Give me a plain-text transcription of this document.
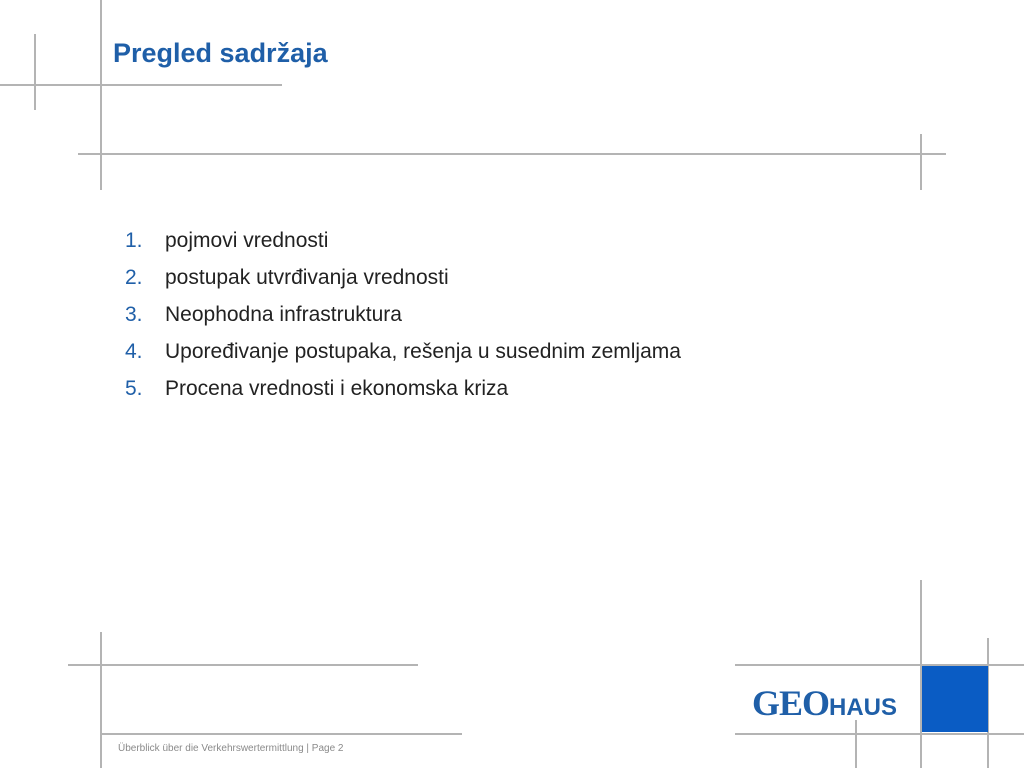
Pregled sadržaja
1.	pojmovi vrednosti
2.	postupak utvrđivanja vrednosti
3.	Neophodna infrastruktura
4.	Upoređivanje postupaka, rešenja u susednim zemljama
5.	Procena vrednosti i ekonomska kriza
Überblick über die Verkehrswertermittlung | Page 2
GEO HAUS
